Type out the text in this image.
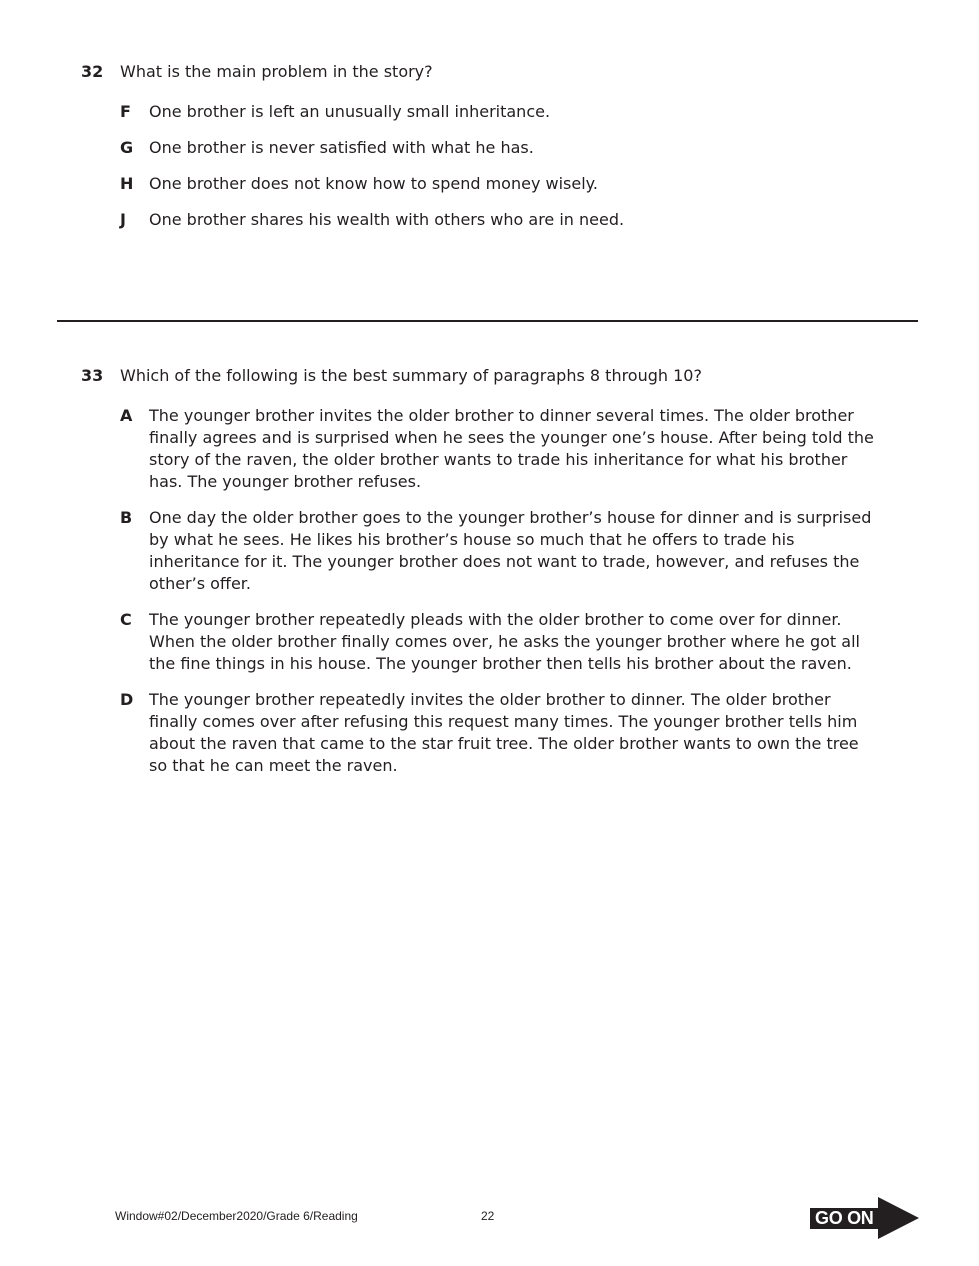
32	What is the main problem in the story?
F	One brother is left an unusually small inheritance.
G One brother is never satisfied with what he has.
H One brother does not know how to spend money wisely.
J	One brother shares his wealth with others who are in need.
33	Which of the following is the best summary of paragraphs 8 through 10?
A	The younger brother invites the older brother to dinner several times. The older brother finally agrees and is surprised when he sees the younger one’s house. After being told the story of the raven, the older brother wants to trade his inheritance for what his brother has. The younger brother refuses.
B	One day the older brother goes to the younger brother’s house for dinner and is surprised by what he sees. He likes his brother’s house so much that he offers to trade his inheritance for it. The younger brother does not want to trade, however, and refuses the other’s offer.
C	The younger brother repeatedly pleads with the older brother to come over for dinner. When the older brother finally comes over, he asks the younger brother where he got all the fine things in his house. The younger brother then tells his brother about the raven.
D The younger brother repeatedly invites the older brother to dinner. The older brother finally comes over after refusing this request many times. The younger brother tells him about the raven that came to the star fruit tree. The older brother wants to own the tree so that he can meet the raven.
Window#02/December2020/Grade 6/Reading	22	GO ON
